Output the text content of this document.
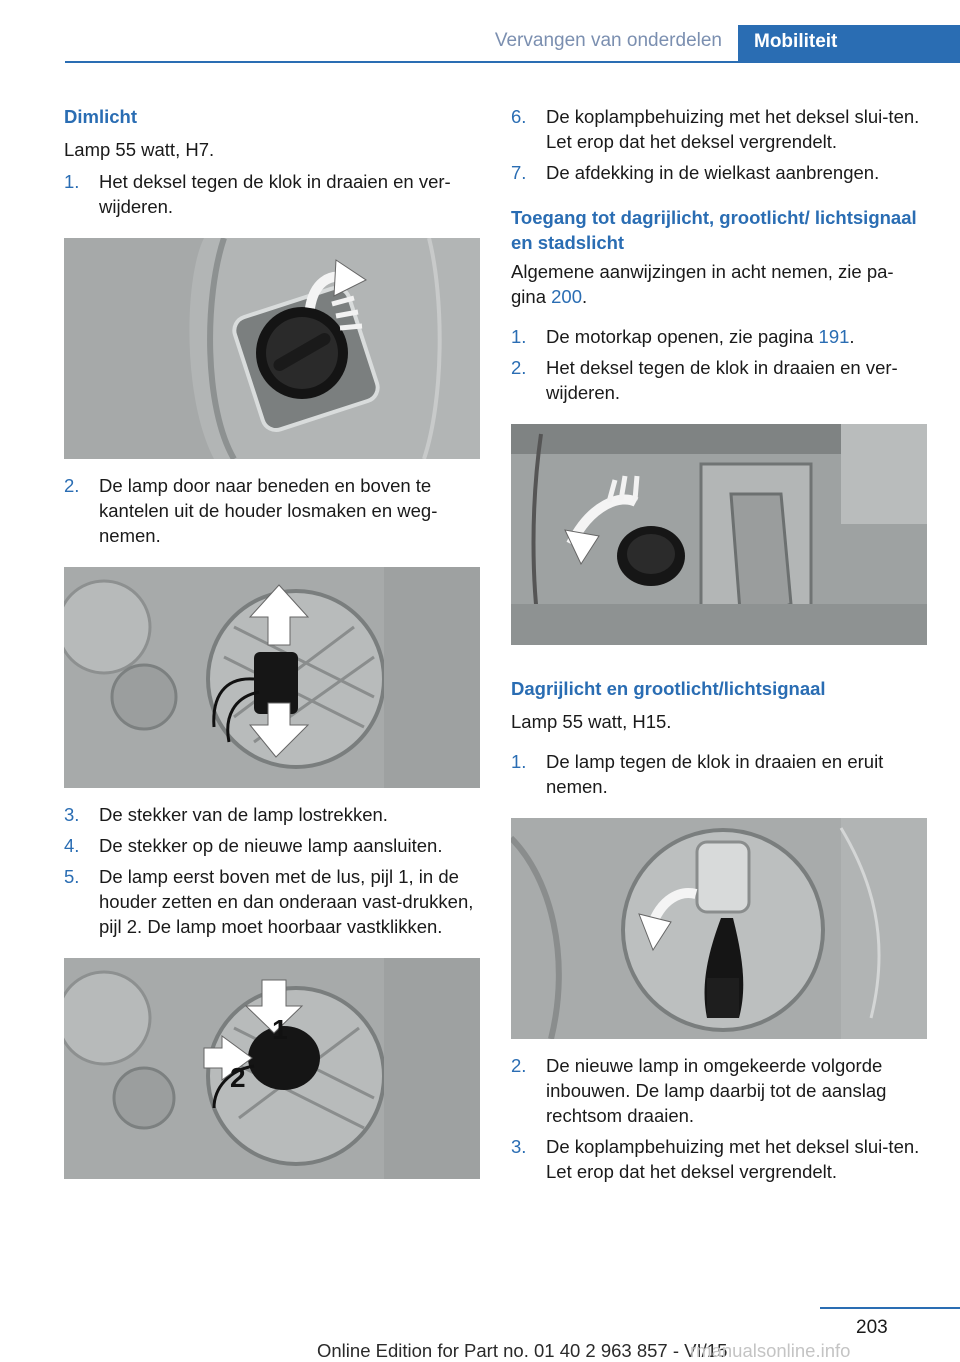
Vervangen van onderdelen	Mobiliteit
Dimlicht

Lamp 55 watt, H7.

1. Het deksel tegen de klok in draaien en ver‐wijderen.
2. De lamp door naar beneden en boven te kantelen uit de houder losmaken en weg‐nemen.
3. De stekker van de lamp lostrekken.
4. De stekker op de nieuwe lamp aansluiten.
5. De lamp eerst boven met de lus, pijl 1, in de houder zetten en dan onderaan vast‐drukken, pijl 2. De lamp moet hoorbaar vastklikken.
1
2
6. De koplampbehuizing met het deksel slui‐ten. Let erop dat het deksel vergrendelt.
7. De afdekking in de wielkast aanbrengen.
Toegang tot dagrijlicht, grootlicht/ lichtsignaal en stadslicht

Algemene aanwijzingen in acht nemen, zie pa‐gina 200.

1. De motorkap openen, zie pagina 191.
2. Het deksel tegen de klok in draaien en ver‐wijderen.
Dagrijlicht en grootlicht/lichtsignaal

Lamp 55 watt, H15.

1. De lamp tegen de klok in draaien en eruit nemen.
2. De nieuwe lamp in omgekeerde volgorde inbouwen. De lamp daarbij tot de aanslag rechtsom draaien.
3. De koplampbehuizing met het deksel slui‐ten. Let erop dat het deksel vergrendelt.
203
Online Edition for Part no. 01 40 2 963 857 - VI/15
rmanualsonline.info
